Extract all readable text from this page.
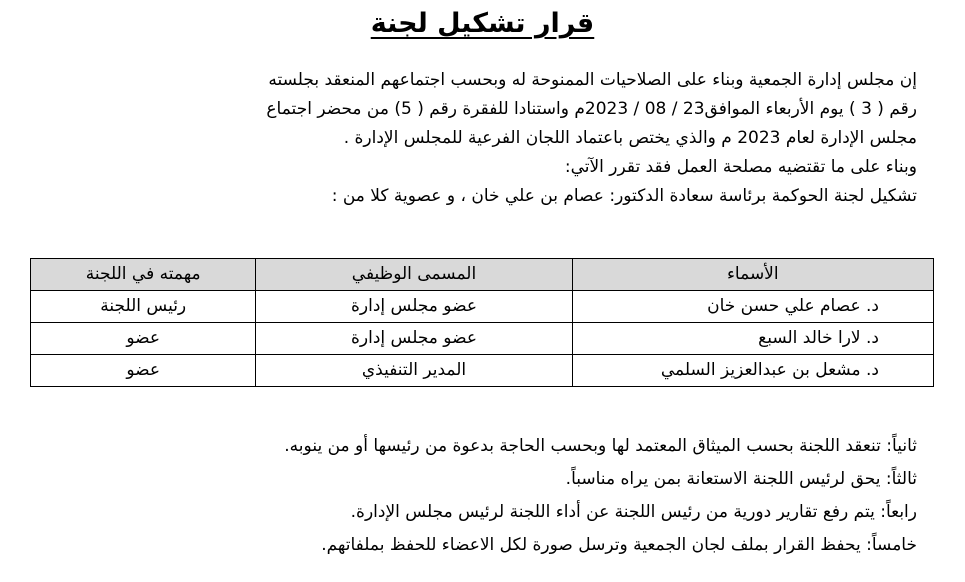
قرار تشكيل لجنة
إن مجلس إدارة الجمعية وبناء على الصلاحيات الممنوحة له وبحسب اجتماعهم المنعقد بجلسته
رقم ( 3 ) يوم الأربعاء الموافق23 / 08 / 2023م واستنادا للفقرة رقم ( 5) من محضر اجتماع
مجلس الإدارة لعام 2023 م والذي يختص باعتماد اللجان الفرعية للمجلس الإدارة .
وبناء على ما تقتضيه مصلحة العمل فقد تقرر الآتي:
تشكيل لجنة الحوكمة برئاسة سعادة الدكتور: عصام بن علي خان ، و عصوية كلا من :
الأسماء	المسمى الوظيفي	مهمته في اللجنة
د. عصام علي حسن خان	عضو مجلس إدارة	رئيس اللجنة
د. لارا خالد السبع	عضو مجلس إدارة	عضو
د. مشعل بن عبدالعزيز السلمي	المدير التنفيذي	عضو
ثانياً: تنعقد اللجنة بحسب الميثاق المعتمد لها وبحسب الحاجة بدعوة من رئيسها أو من ينوبه.
ثالثاً: يحق لرئيس اللجنة الاستعانة بمن يراه مناسباً.
رابعاً: يتم رفع تقارير دورية من رئيس اللجنة عن أداء اللجنة لرئيس مجلس الإدارة.
خامساً: يحفظ القرار بملف لجان الجمعية وترسل صورة لكل الاعضاء للحفظ بملفاتهم.
